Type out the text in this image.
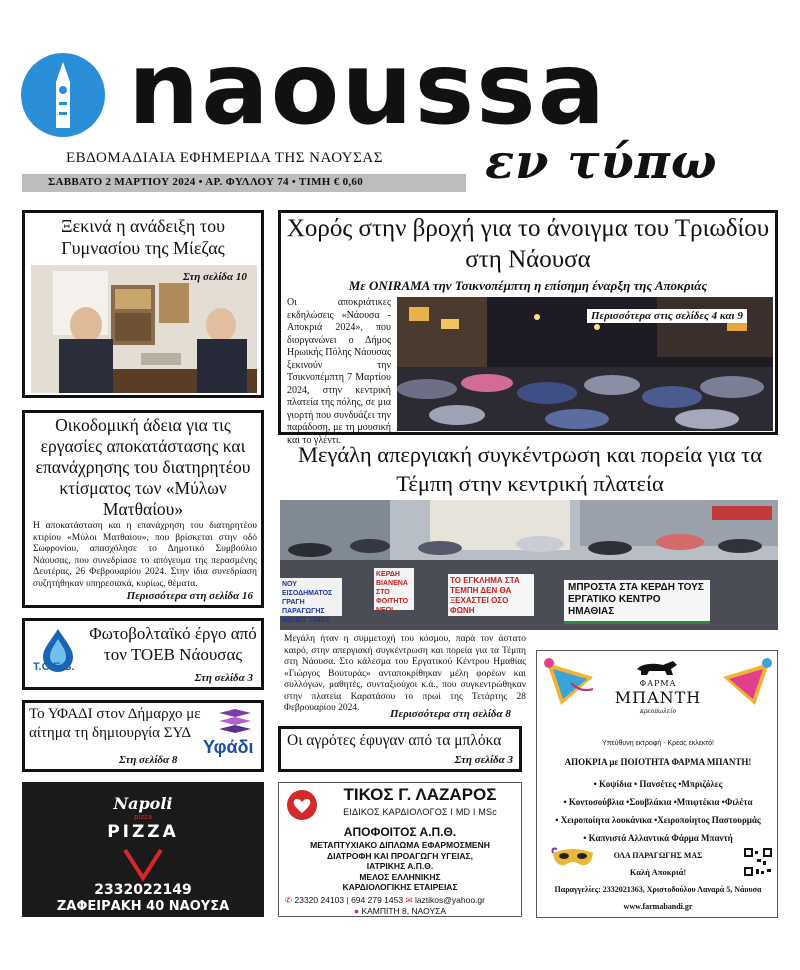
naoussa
ΕΒΔΟΜΑΔΙΑΙΑ ΕΦΗΜΕΡΙΔΑ ΤΗΣ ΝΑΟΥΣΑΣ
ΣΑΒΒΑΤΟ 2 ΜΑΡΤΙΟΥ 2024 • ΑΡ. ΦΥΛΛΟΥ 74 • ΤΙΜΗ € 0,60	εν τύπω
Ξεκινά η ανάδειξη του Γυμνασίου της Μίεζας
Στη σελίδα 10
Χορός στην βροχή για το άνοιγμα του Τριωδίου στη Νάουσα
Με ONIRAMA την Τσικνοπέμπτη η επίσημη έναρξη της Αποκριάς
Οι αποκριάτικες εκδηλώσεις «Νάουσα - Αποκριά 2024», που διοργανώνει ο Δήμος Ηρωικής Πόλης Νάουσας ξεκινούν την Τσικνοπέμπτη 7 Μαρτίου 2024, στην κεντρική πλατεία της πόλης, σε μια γιορτή που συνδυάζει την παράδοση, με τη μουσική και το γλέντι.
Περισσότερα στις σελίδες 4 και 9
Οικοδομική άδεια για τις εργασίες αποκατάστασης και επανάχρησης του διατηρητέου κτίσματος των «Μύλων Ματθαίου»
Η αποκατάσταση και η επανάχρηση του διατηρητέου κτιρίου «Μύλοι Ματθαίου», που βρίσκεται στην οδό Σωφρονίου, απασχόλησε το Δημοτικό Συμβούλιο Νάουσας, που συνεδρίασε το απόγευμα της περασμένης Δευτέρας, 26 Φεβρουαρίου 2024. Στην ίδια συνεδρίαση συζητήθηκαν υπηρεσιακά, κυρίως, θέματα.
Περισσότερα στη σελίδα 16
Μεγάλη απεργιακή συγκέντρωση και πορεία για τα Τέμπη στην κεντρική πλατεία
ΝΟΥ ΕΙΣΟΔΗΜΑΤΟΣ ΓΡΑΓΗ ΠΑΡΑΓΩΓΗΣ ΜΕΝΕΣ ΤΙΜΕΣ
ΚΕΡΔΗ ΒΙΑΝΕΝΑ ΣΤΟ ΦΟΙΤΗΤΟ ΝΕΟΙ
ΤΟ ΕΓΚΛΗΜΑ ΣΤΑ ΤΕΜΠΗ ΔΕΝ ΘΑ ΞΕΧΑΣΤΕΙ ΟΣΟ ΦΩΝΗ
ΜΠΡΟΣΤΑ ΣΤΑ ΚΕΡΔΗ ΤΟΥΣ ΕΡΓΑΤΙΚΟ ΚΕΝΤΡΟ ΗΜΑΘΙΑΣ
Μεγάλη ήταν η συμμετοχή του κόσμου, παρά τον άστατο καιρό, στην απεργιακή συγκέντρωση και πορεία για τα Τέμπη στη Νάουσα. Στο κάλεσμα του Εργατικού Κέντρου Ημαθίας «Γιώργος Βουτυράς» ανταποκρίθηκαν μέλη φορέων και συλλόγων, μαθητές, συνταξιούχοι κ.ά., που συγκεντρώθηκαν στην πλατεία Καρατάσου το πρωί της Τετάρτης 28 Φεβρουαρίου 2024.	Περισσότερα στη σελίδα 8
Τ.Ο.Ε.Β.
Φωτοβολταϊκό έργο από τον ΤΟΕΒ Νάουσας
Στη σελίδα 3
Το ΥΦΑΔΙ στον Δήμαρχο με αίτημα τη δημιουργία ΣΥΔ
Υφάδι
Στη σελίδα 8
Οι αγρότες έφυγαν από τα μπλόκα
Στη σελίδα 3
Napoli
pizza
PIZZA
2332022149
ΖΑΦΕΙΡΑΚΗ 40 ΝΑΟΥΣΑ
ΤΙΚΟΣ Γ. ΛΑΖΑΡΟΣ
ΕΙΔΙΚΟΣ ΚΑΡΔΙΟΛΟΓΟΣ I MD I MSc
ΑΠΟΦΟΙΤΟΣ Α.Π.Θ.
ΜΕΤΑΠΤΥΧΙΑΚΟ ΔΙΠΛΩΜΑ ΕΦΑΡΜΟΣΜΕΝΗ
ΔΙΑΤΡΟΦΗ ΚΑΙ ΠΡΟΑΓΩΓΗ ΥΓΕΙΑΣ,
ΙΑΤΡΙΚΗΣ Α.Π.Θ.
ΜΕΛΟΣ ΕΛΛΗΝΙΚΗΣ
ΚΑΡΔΙΟΛΟΓΙΚΗΣ ΕΤΑΙΡΕΙΑΣ
✆ 23320 24103 | 694 279 1453 ✉ laztikos@yahoo.gr
● ΚΑΜΠΙΤΗ 8, ΝΑΟΥΣΑ
ΦΑΡΜΑ
ΜΠΑΝΤΗ
κρεοπωλείο
Υπεύθυνη εκτροφή - Κρέας εκλεκτό!
ΑΠΟΚΡΙΑ με ΠΟΙΟΤΗΤΑ ΦΑΡΜΑ ΜΠΑΝΤΗ!
• Κοψίδια • Πανσέτες •Μπριζόλες
• Κοντοσούβλια •Σουβλάκια •Μπιφτέκια •Φιλέτα
• Χειροποίητα λουκάνικα •Χειροποίητος Παστουρμάς
• Καπνιστά Αλλαντικά Φάρμα Μπαντή
ΟΛΑ ΠΑΡΑΓΩΓΗΣ ΜΑΣ
Καλή Αποκριά!
Παραγγελίες: 2332021363, Χριστοδούλου Λαναρά 5, Νάουσα
www.farmabandi.gr
